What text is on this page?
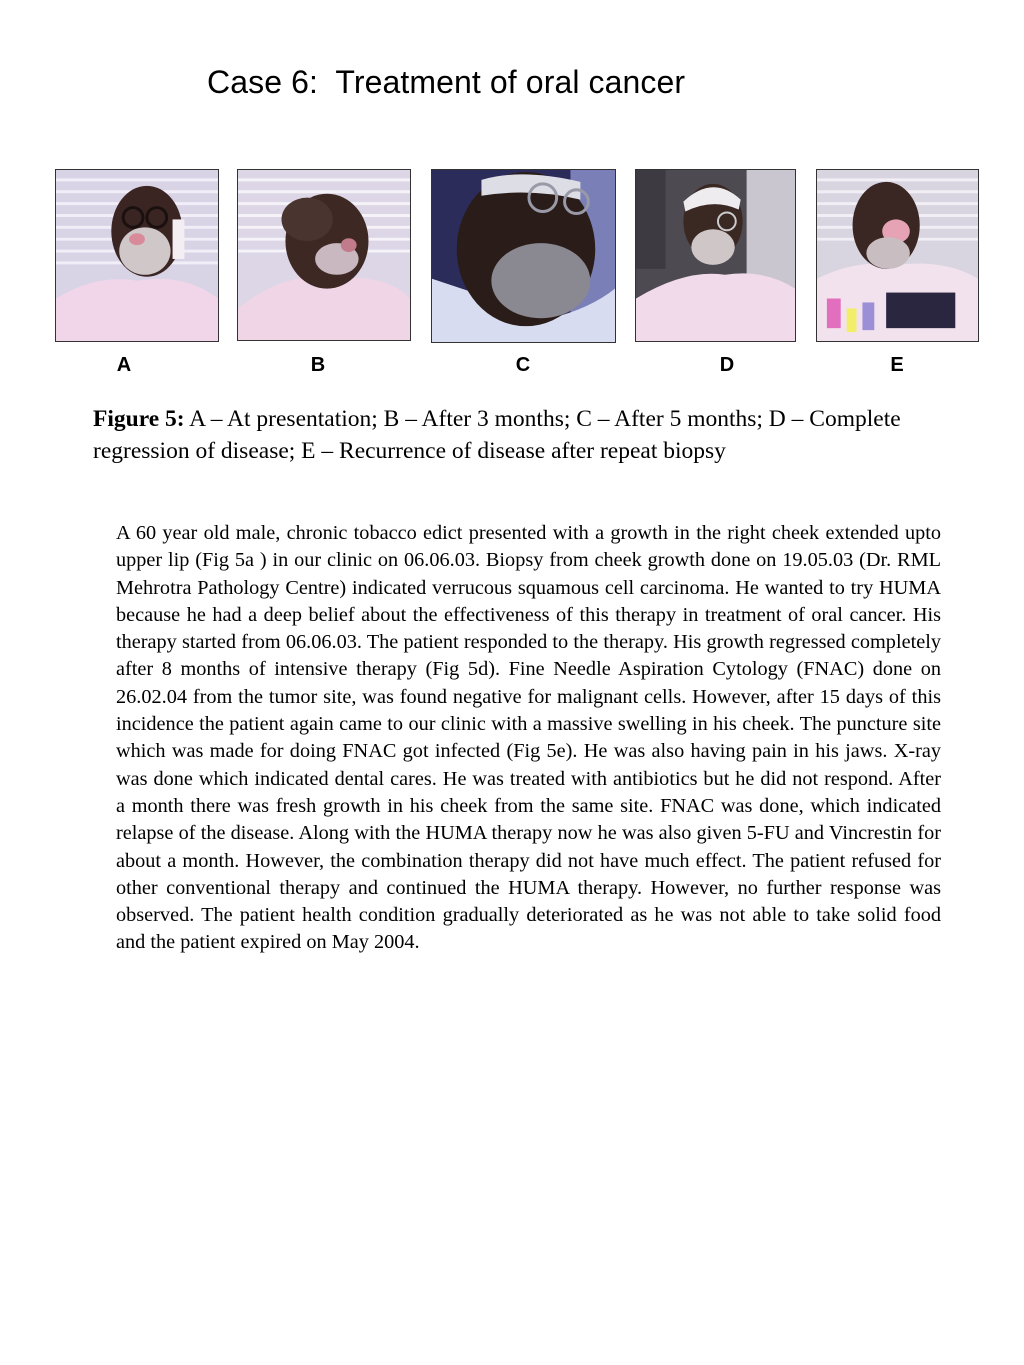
Case 6:  Treatment of oral cancer
A	B	C	D	E
Figure 5: A – At presentation; B – After 3 months; C – After 5 months; D – Complete regression of disease; E – Recurrence of disease after repeat biopsy
A 60 year old male, chronic tobacco edict presented with a growth in the right cheek extended upto upper lip (Fig 5a ) in our clinic on 06.06.03. Biopsy from cheek growth done on 19.05.03 (Dr. RML Mehrotra Pathology Centre) indicated verrucous squamous cell carcinoma. He wanted to try HUMA because he had a deep belief about the effectiveness of this therapy in treatment of oral cancer. His therapy started from 06.06.03. The patient responded to the therapy. His growth regressed completely after 8 months of intensive therapy (Fig 5d). Fine Needle Aspiration Cytology (FNAC) done on 26.02.04 from the tumor site, was found negative for malignant cells. However, after 15 days of this incidence the patient again came to our clinic with a massive swelling in his cheek. The puncture site which was made for doing FNAC got infected (Fig 5e). He was also having pain in his jaws. X-ray was done which indicated dental cares. He was treated with antibiotics but he did not respond. After a month there was fresh growth in his cheek from the same site. FNAC was done, which indicated relapse of the disease. Along with the HUMA therapy now he was also given 5-FU and Vincrestin for about a month. However, the combination therapy did not have much effect. The patient refused for other conventional therapy and continued the HUMA therapy. However, no further response was observed. The patient health condition gradually deteriorated as he was not able to take solid food and the patient expired on May 2004.
